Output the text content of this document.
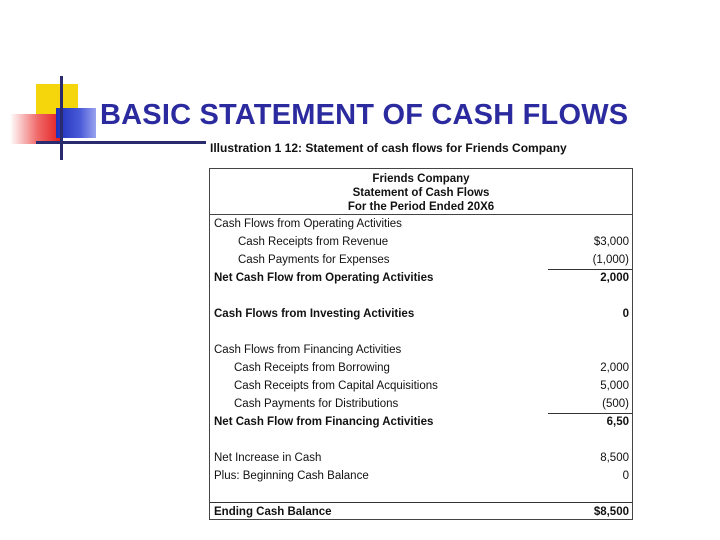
BASIC STATEMENT OF CASH FLOWS
Illustration 1 12: Statement of cash flows for Friends Company
Friends Company
Statement of Cash Flows
For the Period Ended 20X6
Cash Flows from Operating Activities
Cash Receipts from Revenue	$3,000
Cash Payments for Expenses	(1,000)
Net Cash Flow from Operating Activities	2,000
Cash Flows from Investing Activities	0
Cash Flows from Financing Activities
Cash Receipts from Borrowing	2,000
Cash Receipts from Capital Acquisitions	5,000
Cash Payments for Distributions	(500)
Net Cash Flow from Financing Activities	6,50
Net Increase in Cash	8,500
Plus: Beginning Cash Balance	0
Ending Cash Balance	$8,500
